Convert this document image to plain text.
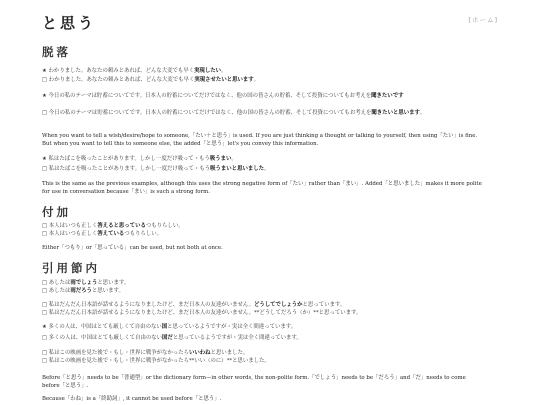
と思う	[ホーム]
脱落
★ わかりました。あなたの頼みとあれば、どんな大変でも早く実現したい。
□ わかりました。あなたの頼みとあれば、どんな大変でも早く実現させたいと思います。
★ 今日の私のテーマは貯蓄についてです。日本人の貯蓄についてだけではなく、他の国の皆さんの貯蓄、そして投資についてもお考えを聞きたいです
□ 今日の私のテーマは貯蓄についてです。日本人の貯蓄についてだけではなく、他の国の皆さんの貯蓄、そして投資についてもお考えを聞きたいと思います。
When you want to tell a wish/desire/hope to someone,「たい＋と思う」is used. If you are just thinking a thought or talking to yourself, then using「たい」is fine.
But when you want to tell this to someone else, the added「と思う」let's you convey this information.
★ 私はたばこを吸ったことがあります。しかし一度だけ吸って・もう吸うまい。
□ 私はたばこを吸ったことがあります。しかし一度だけ吸って・もう吸うまいと思いました。
This is the same as the previous examples, although this uses the strong negative form of「たい」rather than「まい」. Added「と思いました」makes it more polite
for use in conversation because「まい」is such a strong form.
付加
□ 本人はいつも正しく答えると思っているつもりらしい。
□ 本人はいつも正しく答えているつもりらしい。
Either「つもり」or「思っている」can be used, but not both at once.
引用節内
□ あしたは雨でしょうと思います。
□ あしたは雨だろうと思います。
□ 私はだんだん日本語が話せるようになりましたけど、まだ日本人の友達がいません。どうしてでしょうかと思っています。
□ 私はだんだん日本語が話せるようになりましたけど、まだ日本人の友達がいません。**どうしてだろう（か）**と思っています。
★ 多くの人は、中国はとても厳しくて自由のない国と思っているようですが・実は全く間違っています。
□ 多くの人は、中国はとても厳しくて自由のない国だと思っているようですが・実は全く間違っています。
□ 私はこの映画を見た後で・もし・世界に戦争がなかったらいいわねと思いました。
□ 私はこの映画を見た後で・もし・世界に戦争がなかったら**いい（のに）**と思いました。
Before「と思う」needs to be「普通型」or the dictionary form—in other words, the non-polite form.「でしょう」needs to be「だろう」and「だ」needs to come
before「と思う」.
Because「わね」is a「終助詞」, it cannot be used before「と思う」.
